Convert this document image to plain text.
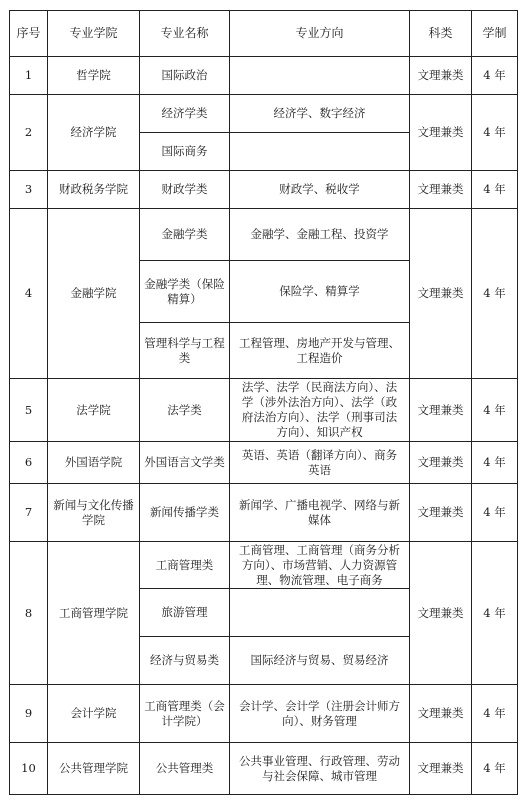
序号	专业学院	专业名称	专业方向	科类	学制
1	哲学院	国际政治		文理兼类	4 年
2	经济学院	经济学类	经济学、数字经济	文理兼类	4 年
		国际商务			
3	财政税务学院	财政学类	财政学、税收学	文理兼类	4 年
4	金融学院	金融学类	金融学、金融工程、投资学	文理兼类	4 年
		金融学类（保险精算）	保险学、精算学		
		管理科学与工程类	工程管理、房地产开发与管理、工程造价		
5	法学院	法学类	法学、法学（民商法方向）、法学（涉外法治方向）、法学（政府法治方向）、法学（刑事司法方向）、知识产权	文理兼类	4 年
6	外国语学院	外国语言文学类	英语、英语（翻译方向）、商务英语	文理兼类	4 年
7	新闻与文化传播学院	新闻传播学类	新闻学、广播电视学、网络与新媒体	文理兼类	4 年
8	工商管理学院	工商管理类	工商管理、工商管理（商务分析方向）、市场营销、人力资源管理、物流管理、电子商务	文理兼类	4 年
		旅游管理			
		经济与贸易类	国际经济与贸易、贸易经济		
9	会计学院	工商管理类（会计学院）	会计学、会计学（注册会计师方向）、财务管理	文理兼类	4 年
10	公共管理学院	公共管理类	公共事业管理、行政管理、劳动与社会保障、城市管理	文理兼类	4 年
